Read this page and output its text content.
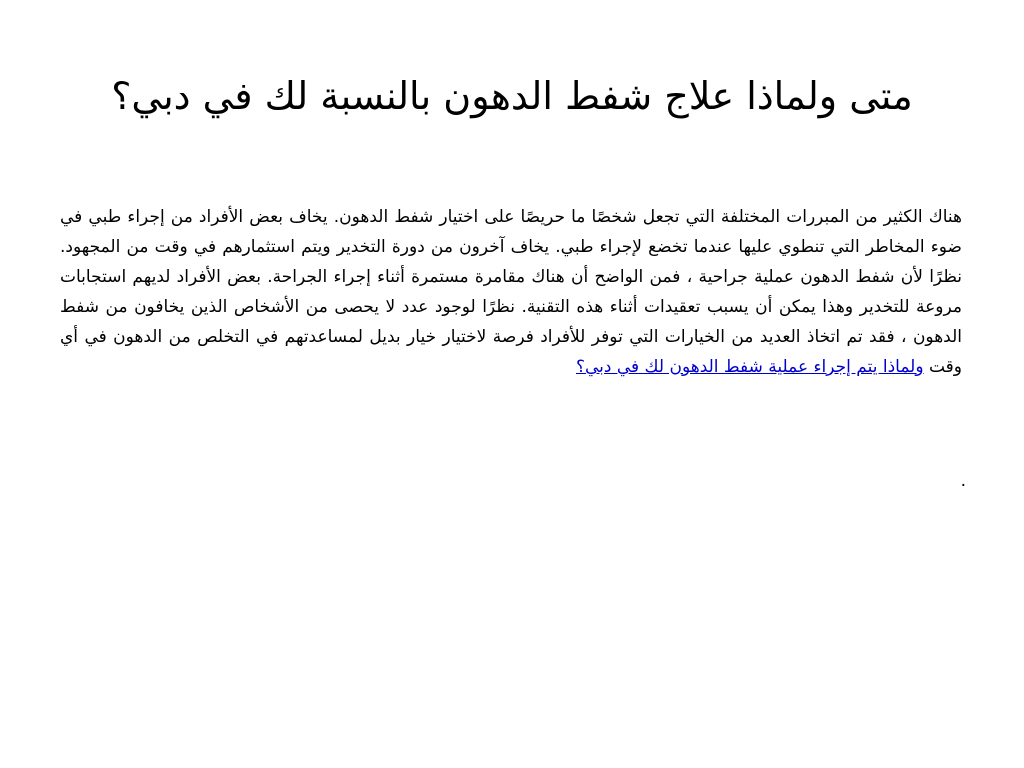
متى ولماذا علاج شفط الدهون بالنسبة لك في دبي؟

هناك الكثير من المبررات المختلفة التي تجعل شخصًا ما حريصًا على اختيار شفط الدهون. يخاف بعض الأفراد من إجراء طبي في ضوء المخاطر التي تنطوي عليها عندما تخضع لإجراء طبي. يخاف آخرون من دورة التخدير ويتم استثمارهم في وقت من المجهود. نظرًا لأن شفط الدهون عملية جراحية ، فمن الواضح أن هناك مقامرة مستمرة أثناء إجراء الجراحة. بعض الأفراد لديهم استجابات مروعة للتخدير وهذا يمكن أن يسبب تعقيدات أثناء هذه التقنية. نظرًا لوجود عدد لا يحصى من الأشخاص الذين يخافون من شفط الدهون ، فقد تم اتخاذ العديد من الخيارات التي توفر للأفراد فرصة لاختيار خيار بديل لمساعدتهم في التخلص من الدهون في أي وقت ولماذا يتم إجراء عملية شفط الدهون لك في دبي؟

.
